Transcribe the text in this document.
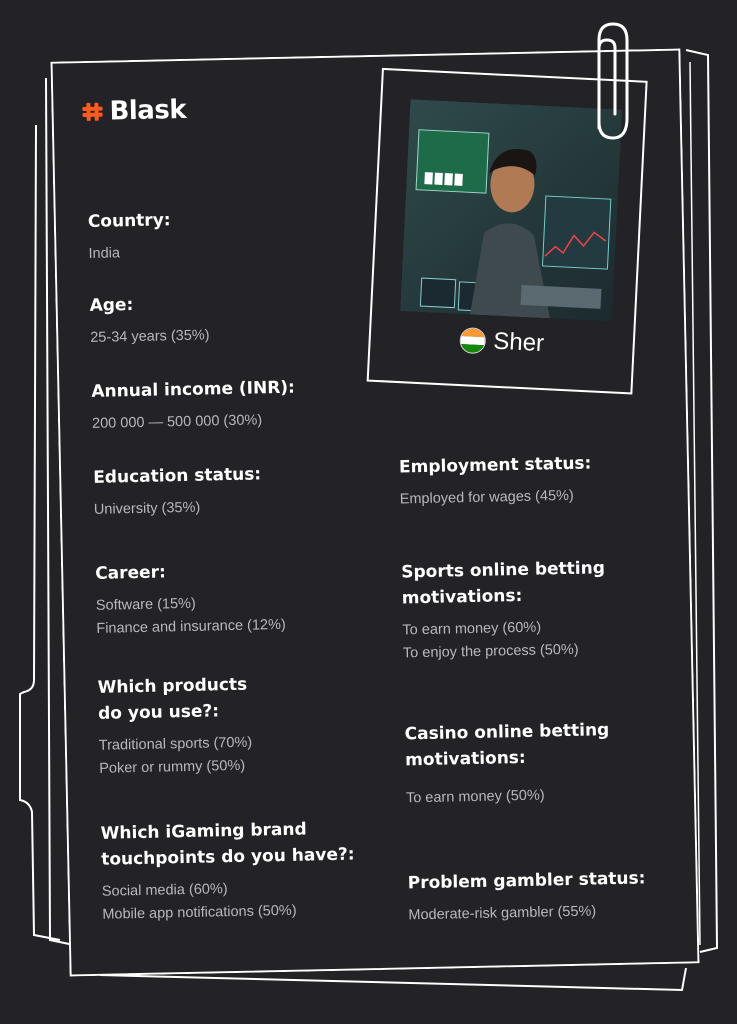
Blask
Country:
India
Age:
25-34 years (35%)
Annual income (INR):
200 000 — 500 000 (30%)
Education status:
University (35%)
Career:
Software (15%)
Finance and insurance (12%)
Which products
do you use?:
Traditional sports (70%)
Poker or rummy (50%)
Which iGaming brand
touchpoints do you have?:
Social media (60%)
Mobile app notifications (50%)
Employment status:
Employed for wages (45%)
Sports online betting
motivations:
To earn money (60%)
To enjoy the process (50%)
Casino online betting
motivations:
To earn money (50%)
Problem gambler status:
Moderate-risk gambler (55%)
Sher
